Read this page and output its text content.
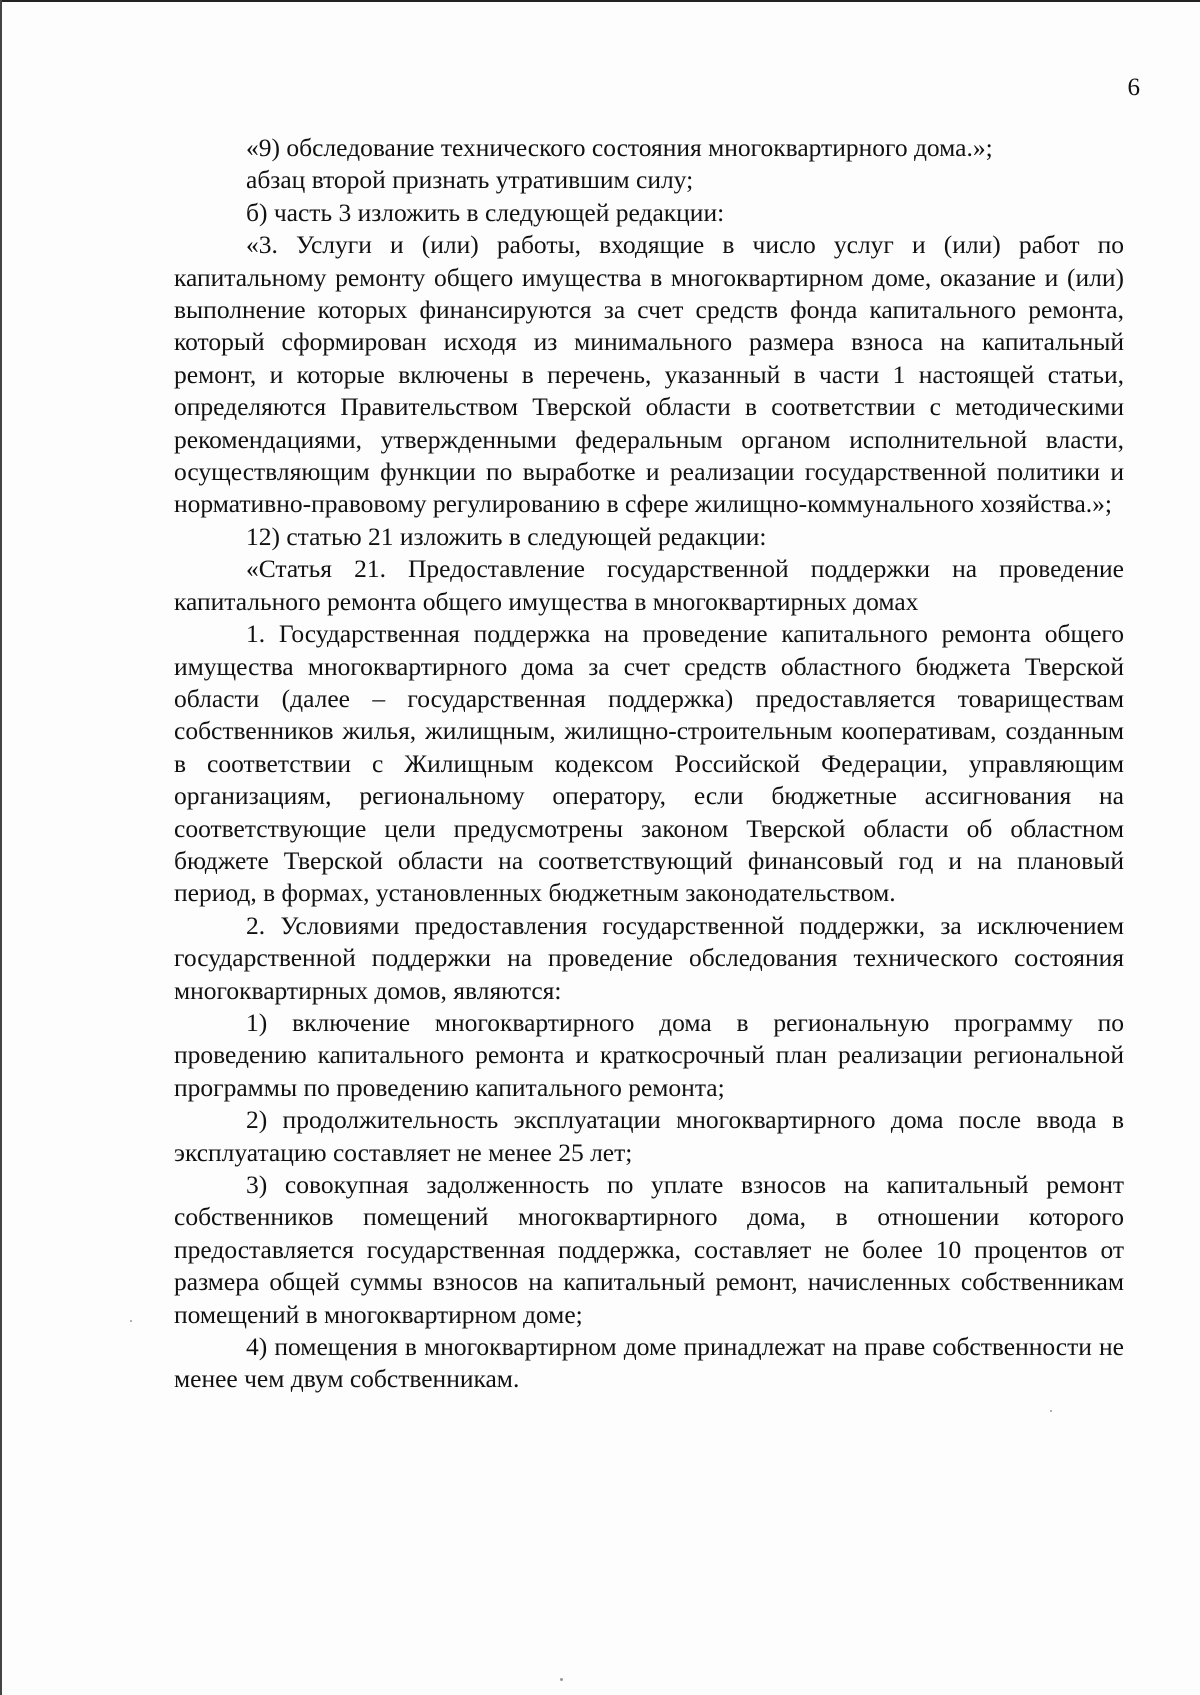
6

«9) обследование технического состояния многоквартирного дома.»;

абзац второй признать утратившим силу;

б) часть 3 изложить в следующей редакции:

«3. Услуги и (или) работы, входящие в число услуг и (или) работ по капитальному ремонту общего имущества в многоквартирном доме, оказание и (или) выполнение которых финансируются за счет средств фонда капитального ремонта, который сформирован исходя из минимального размера взноса на капитальный ремонт, и которые включены в перечень, указанный в части 1 настоящей статьи, определяются Правительством Тверской области в соответствии с методическими рекомендациями, утвержденными федеральным органом исполнительной власти, осуществляющим функции по выработке и реализации государственной политики и нормативно-правовому регулированию в сфере жилищно-коммунального хозяйства.»;

12) статью 21 изложить в следующей редакции:

«Статья 21. Предоставление государственной поддержки на проведение капитального ремонта общего имущества в многоквартирных домах

1. Государственная поддержка на проведение капитального ремонта общего имущества многоквартирного дома за счет средств областного бюджета Тверской области (далее – государственная поддержка) предоставляется товариществам собственников жилья, жилищным, жилищно-строительным кооперативам, созданным в соответствии с Жилищным кодексом Российской Федерации, управляющим организациям, региональному оператору, если бюджетные ассигнования на соответствующие цели предусмотрены законом Тверской области об областном бюджете Тверской области на соответствующий финансовый год и на плановый период, в формах, установленных бюджетным законодательством.

2. Условиями предоставления государственной поддержки, за исключением государственной поддержки на проведение обследования технического состояния многоквартирных домов, являются:

1) включение многоквартирного дома в региональную программу по проведению капитального ремонта и краткосрочный план реализации региональной программы по проведению капитального ремонта;

2) продолжительность эксплуатации многоквартирного дома после ввода в эксплуатацию составляет не менее 25 лет;

3) совокупная задолженность по уплате взносов на капитальный ремонт собственников помещений многоквартирного дома, в отношении которого предоставляется государственная поддержка, составляет не более 10 процентов от размера общей суммы взносов на капитальный ремонт, начисленных собственникам помещений в многоквартирном доме;

4) помещения в многоквартирном доме принадлежат на праве собственности не менее чем двум собственникам.
